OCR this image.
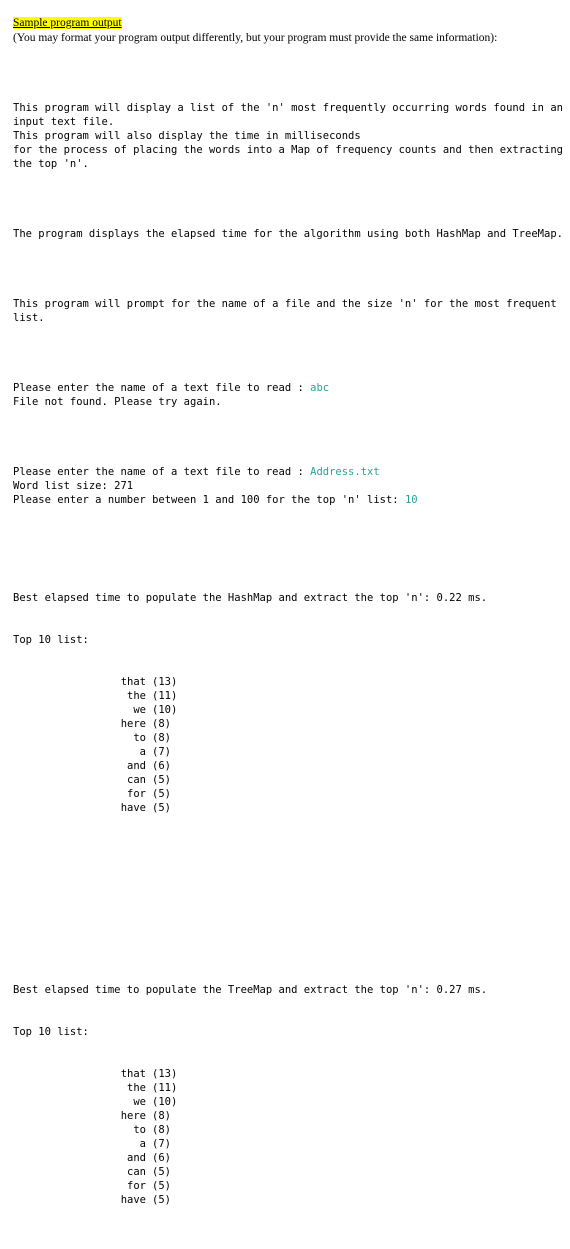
Sample program output
(You may format your program output differently, but your program must provide the same information):

This program will display a list of the 'n' most frequently occurring words found in an input text file.
This program will also display the time in milliseconds
for the process of placing the words into a Map of frequency counts and then extracting the top 'n'.

The program displays the elapsed time for the algorithm using both HashMap and TreeMap.

This program will prompt for the name of a file and the size 'n' for the most frequent list.

Please enter the name of a text file to read : abc
File not found. Please try again.

Please enter the name of a text file to read : Address.txt
Word list size: 271
Please enter a number between 1 and 100 for the top 'n' list: 10

Best elapsed time to populate the HashMap and extract the top 'n': 0.22 ms.

Top 10 list:

that (13)
the (11)
we (10)
here (8)
to (8)
a (7)
and (6)
can (5)
for (5)
have (5)

Best elapsed time to populate the TreeMap and extract the top 'n': 0.27 ms.

Top 10 list:

that (13)
the (11)
we (10)
here (8)
to (8)
a (7)
and (6)
can (5)
for (5)
have (5)
